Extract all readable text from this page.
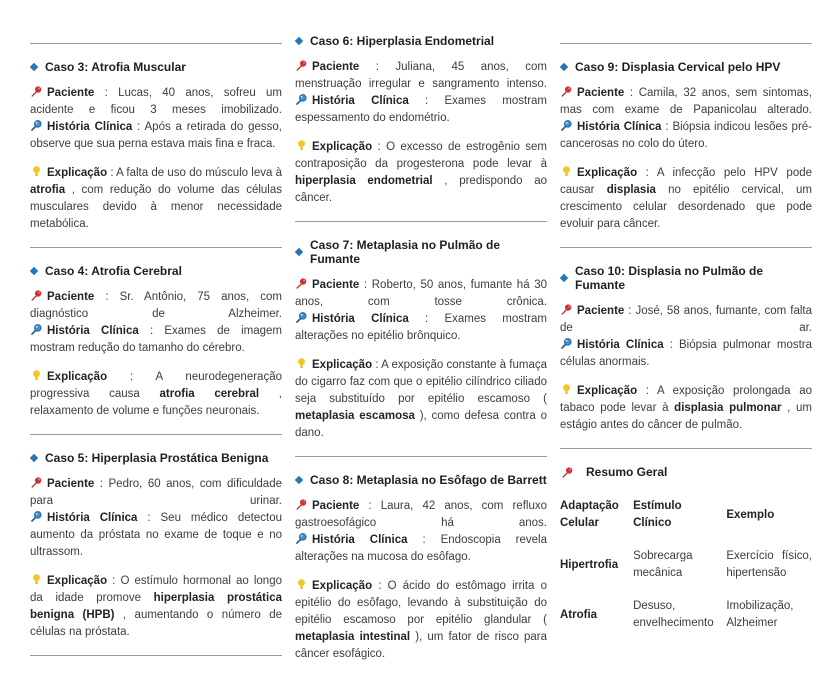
Caso 3: Atrofia Muscular
Paciente : Lucas, 40 anos, sofreu um acidente e ficou 3 meses imobilizado.
História Clínica : Após a retirada do gesso, observe que sua perna estava mais fina e fraca.
Explicação : A falta de uso do músculo leva à atrofia , com redução do volume das células musculares devido à menor necessidade metabólica.
Caso 4: Atrofia Cerebral
Paciente : Sr. Antônio, 75 anos, com diagnóstico de Alzheimer.
História Clínica : Exames de imagem mostram redução do tamanho do cérebro.
Explicação : A neurodegeneração progressiva causa atrofia cerebral , relaxamento de volume e funções neuronais.
Caso 5: Hiperplasia Prostática Benigna
Paciente : Pedro, 60 anos, com dificuldade para urinar.
História Clínica : Seu médico detectou aumento da próstata no exame de toque e no ultrassom.
Explicação : O estímulo hormonal ao longo da idade promove hiperplasia prostática benigna (HPB) , aumentando o número de células na próstata.
Caso 6: Hiperplasia Endometrial
Paciente : Juliana, 45 anos, com menstruação irregular e sangramento intenso.
História Clínica : Exames mostram espessamento do endométrio.
Explicação : O excesso de estrogênio sem contraposição da progesterona pode levar à hiperplasia endometrial , predispondo ao câncer.
Caso 7: Metaplasia no Pulmão de Fumante
Paciente : Roberto, 50 anos, fumante há 30 anos, com tosse crônica.
História Clínica : Exames mostram alterações no epitélio brônquico.
Explicação : A exposição constante à fumaça do cigarro faz com que o epitélio cilíndrico ciliado seja substituído por epitélio escamoso ( metaplasia escamosa ), como defesa contra o dano.
Caso 8: Metaplasia no Esôfago de Barrett
Paciente : Laura, 42 anos, com refluxo gastroesofágico há anos.
História Clínica : Endoscopia revela alterações na mucosa do esôfago.
Explicação : O ácido do estômago irrita o epitélio do esôfago, levando à substituição do epitélio escamoso por epitélio glandular ( metaplasia intestinal ), um fator de risco para câncer esofágico.
Caso 9: Displasia Cervical pelo HPV
Paciente : Camila, 32 anos, sem sintomas, mas com exame de Papanicolau alterado.
História Clínica : Biópsia indicou lesões pré-cancerosas no colo do útero.
Explicação : A infecção pelo HPV pode causar displasia no epitélio cervical, um crescimento celular desordenado que pode evoluir para câncer.
Caso 10: Displasia no Pulmão de Fumante
Paciente : José, 58 anos, fumante, com falta de ar.
História Clínica : Biópsia pulmonar mostra células anormais.
Explicação : A exposição prolongada ao tabaco pode levar à displasia pulmonar , um estágio antes do câncer de pulmão.
Resumo Geral
Adaptação Celular	Estímulo Clínico	Exemplo
Hipertrofia	Sobrecarga mecânica	Exercício físico, hipertensão
Atrofia	Desuso, envelhecimento	Imobilização, Alzheimer
